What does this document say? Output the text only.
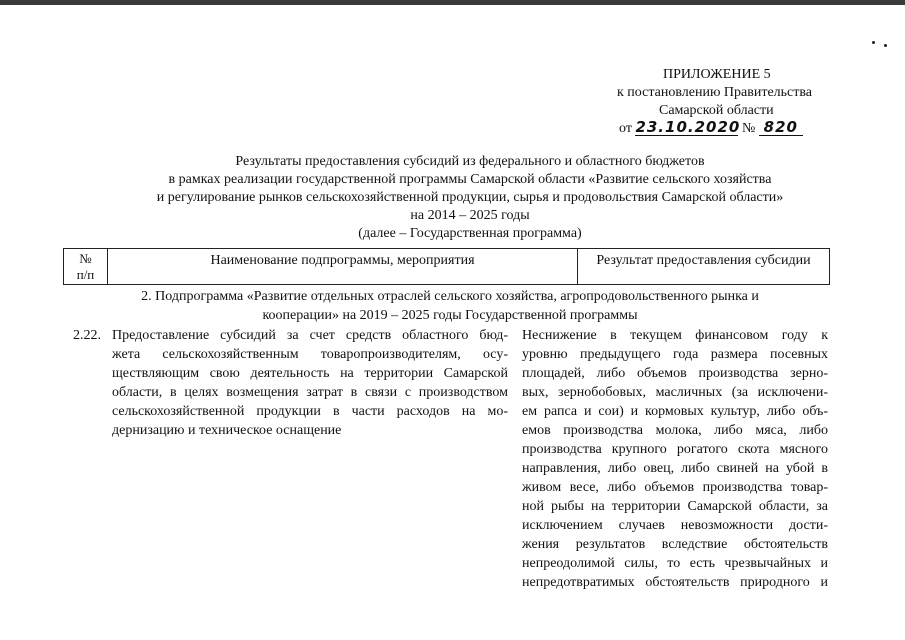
ПРИЛОЖЕНИЕ 5
к постановлению Правительства
Самарской области
от 23.10.2020 № 820
Результаты предоставления субсидий из федерального и областного бюджетов
в рамках реализации государственной программы Самарской области «Развитие сельского хозяйства
и регулирование рынков сельскохозяйственной продукции, сырья и продовольствия Самарской области»
на 2014 – 2025 годы
(далее – Государственная программа)
№
п/п
Наименование подпрограммы, мероприятия	Результат предоставления субсидии
2. Подпрограмма «Развитие отдельных отраслей сельского хозяйства, агропродовольственного рынка и
кооперации» на 2019 – 2025 годы Государственной программы
2.22. Предоставление субсидий за счет средств областного бюд-
жета сельскохозяйственным товаропроизводителям, осу-
ществляющим свою деятельность на территории Самарской
области, в целях возмещения затрат в связи с производством
сельскохозяйственной продукции в части расходов на мо-
дернизацию и техническое оснащение
Неснижение в текущем финансовом году к
уровню предыдущего года размера посевных
площадей, либо объемов производства зерно-
вых, зернобобовых, масличных (за исключени-
ем рапса и сои) и кормовых культур, либо объ-
емов производства молока, либо мяса, либо
производства крупного рогатого скота мясного
направления, либо овец, либо свиней на убой в
живом весе, либо объемов производства товар-
ной рыбы на территории Самарской области, за
исключением случаев невозможности дости-
жения результатов вследствие обстоятельств
непреодолимой силы, то есть чрезвычайных и
непредотвратимых обстоятельств природного и
